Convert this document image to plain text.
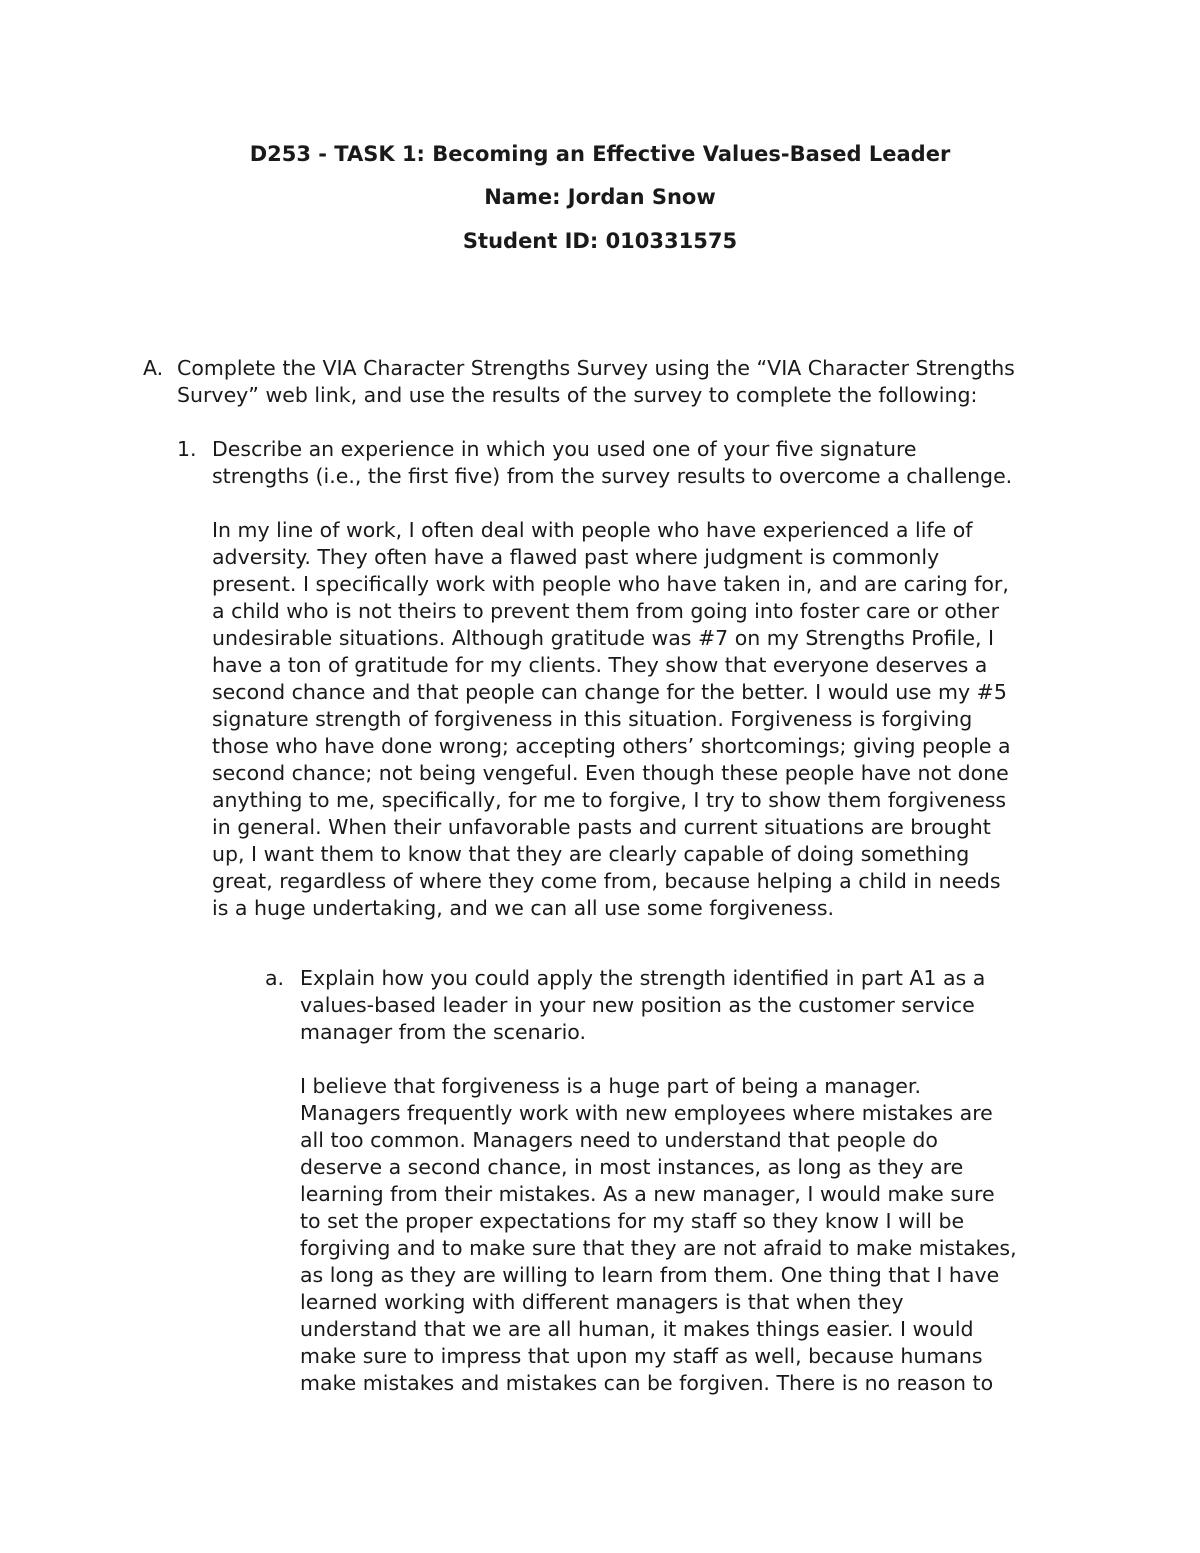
D253 - TASK 1: Becoming an Effective Values-Based Leader
Name: Jordan Snow
Student ID: 010331575
A. Complete the VIA Character Strengths Survey using the “VIA Character Strengths
Survey” web link, and use the results of the survey to complete the following:
1. Describe an experience in which you used one of your five signature
strengths (i.e., the first five) from the survey results to overcome a challenge.
In my line of work, I often deal with people who have experienced a life of
adversity. They often have a flawed past where judgment is commonly
present. I specifically work with people who have taken in, and are caring for,
a child who is not theirs to prevent them from going into foster care or other
undesirable situations. Although gratitude was #7 on my Strengths Profile, I
have a ton of gratitude for my clients. They show that everyone deserves a
second chance and that people can change for the better. I would use my #5
signature strength of forgiveness in this situation. Forgiveness is forgiving
those who have done wrong; accepting others’ shortcomings; giving people a
second chance; not being vengeful. Even though these people have not done
anything to me, specifically, for me to forgive, I try to show them forgiveness
in general. When their unfavorable pasts and current situations are brought
up, I want them to know that they are clearly capable of doing something
great, regardless of where they come from, because helping a child in needs
is a huge undertaking, and we can all use some forgiveness.
a. Explain how you could apply the strength identified in part A1 as a
values-based leader in your new position as the customer service
manager from the scenario.
I believe that forgiveness is a huge part of being a manager.
Managers frequently work with new employees where mistakes are
all too common. Managers need to understand that people do
deserve a second chance, in most instances, as long as they are
learning from their mistakes. As a new manager, I would make sure
to set the proper expectations for my staff so they know I will be
forgiving and to make sure that they are not afraid to make mistakes,
as long as they are willing to learn from them. One thing that I have
learned working with different managers is that when they
understand that we are all human, it makes things easier. I would
make sure to impress that upon my staff as well, because humans
make mistakes and mistakes can be forgiven. There is no reason to
